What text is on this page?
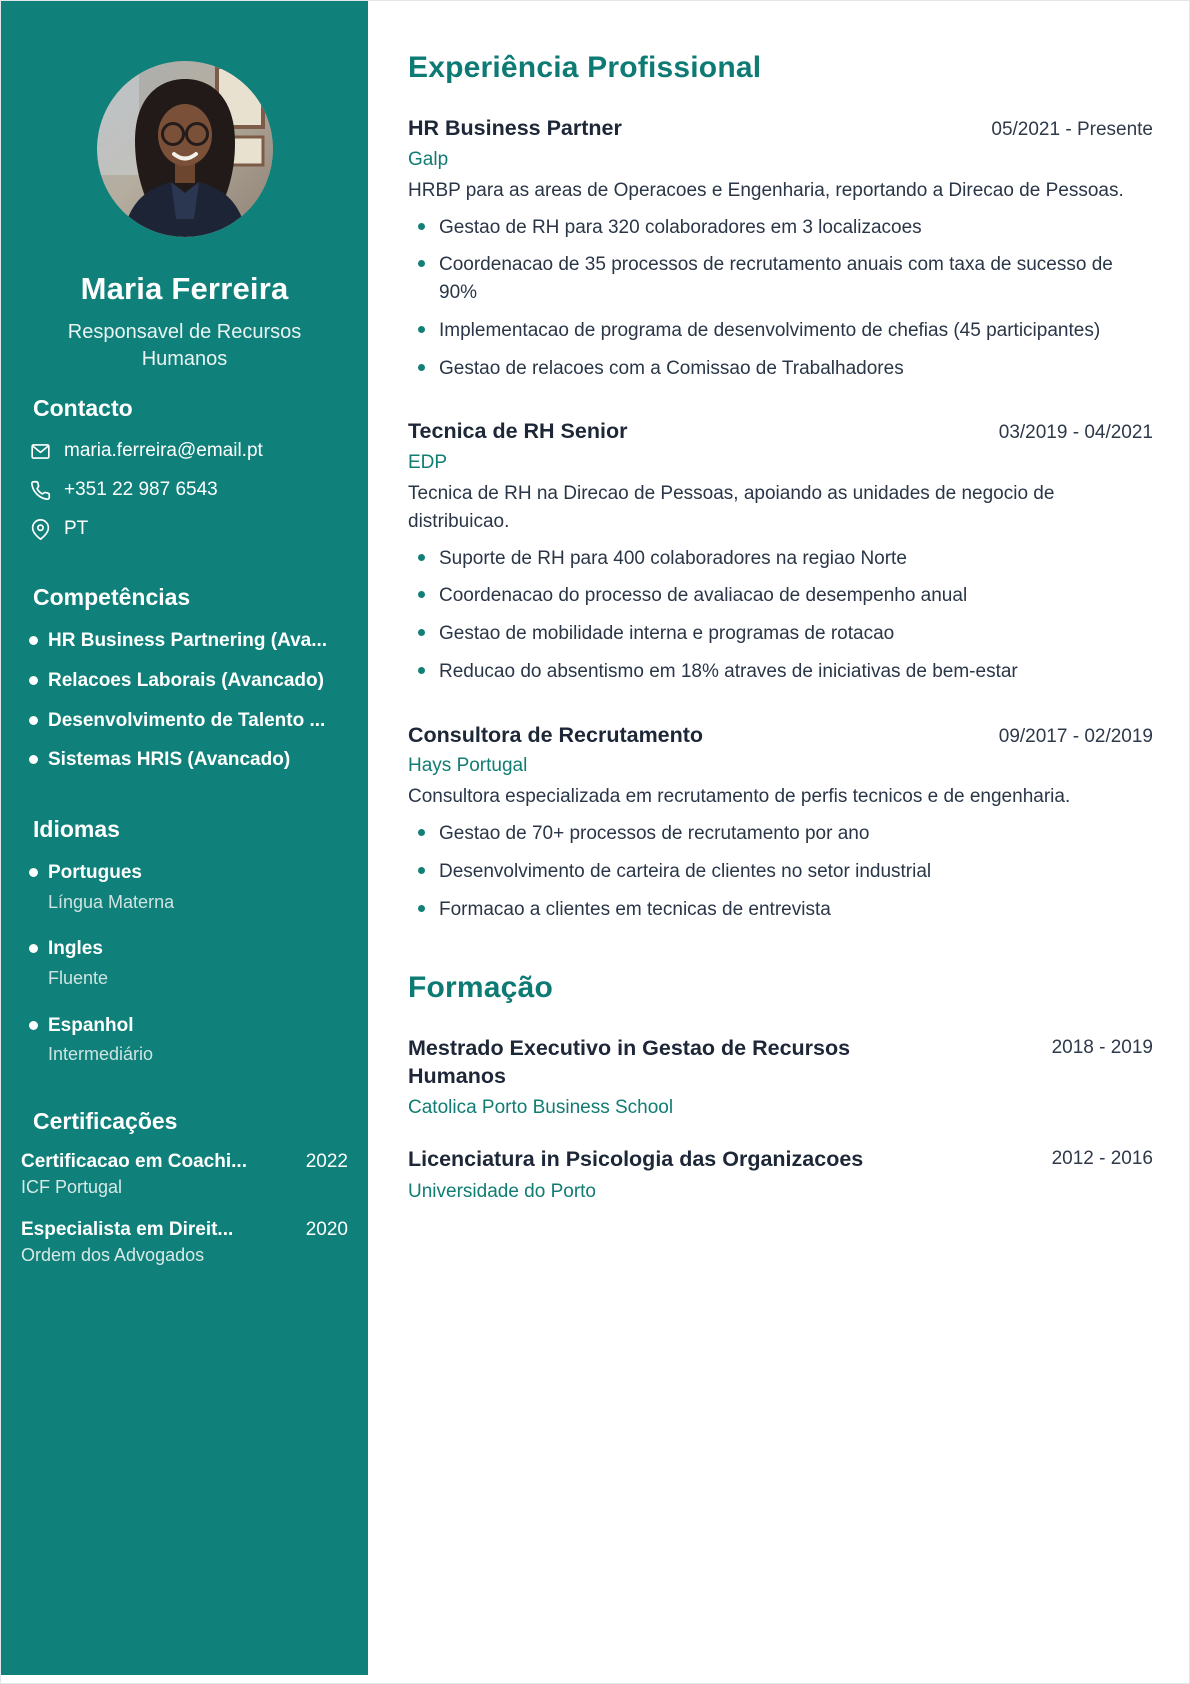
Maria Ferreira
Responsavel de Recursos Humanos
Contacto
maria.ferreira@email.pt
+351 22 987 6543
PT
Competências
HR Business Partnering (Ava...
Relacoes Laborais (Avancado)
Desenvolvimento de Talento ...
Sistemas HRIS (Avancado)
Idiomas
Portugues
Língua Materna
Ingles
Fluente
Espanhol
Intermediário
Certificações
Certificacao em Coachi...	2022
ICF Portugal
Especialista em Direit...	2020
Ordem dos Advogados
Experiência Profissional
HR Business Partner	05/2021 - Presente
Galp
HRBP para as areas de Operacoes e Engenharia, reportando a Direcao de Pessoas.
Gestao de RH para 320 colaboradores em 3 localizacoes
Coordenacao de 35 processos de recrutamento anuais com taxa de sucesso de 90%
Implementacao de programa de desenvolvimento de chefias (45 participantes)
Gestao de relacoes com a Comissao de Trabalhadores
Tecnica de RH Senior	03/2019 - 04/2021
EDP
Tecnica de RH na Direcao de Pessoas, apoiando as unidades de negocio de distribuicao.
Suporte de RH para 400 colaboradores na regiao Norte
Coordenacao do processo de avaliacao de desempenho anual
Gestao de mobilidade interna e programas de rotacao
Reducao do absentismo em 18% atraves de iniciativas de bem-estar
Consultora de Recrutamento	09/2017 - 02/2019
Hays Portugal
Consultora especializada em recrutamento de perfis tecnicos e de engenharia.
Gestao de 70+ processos de recrutamento por ano
Desenvolvimento de carteira de clientes no setor industrial
Formacao a clientes em tecnicas de entrevista
Formação
Mestrado Executivo in Gestao de Recursos Humanos
2018 - 2019
Catolica Porto Business School
Licenciatura in Psicologia das Organizacoes	2012 - 2016
Universidade do Porto
